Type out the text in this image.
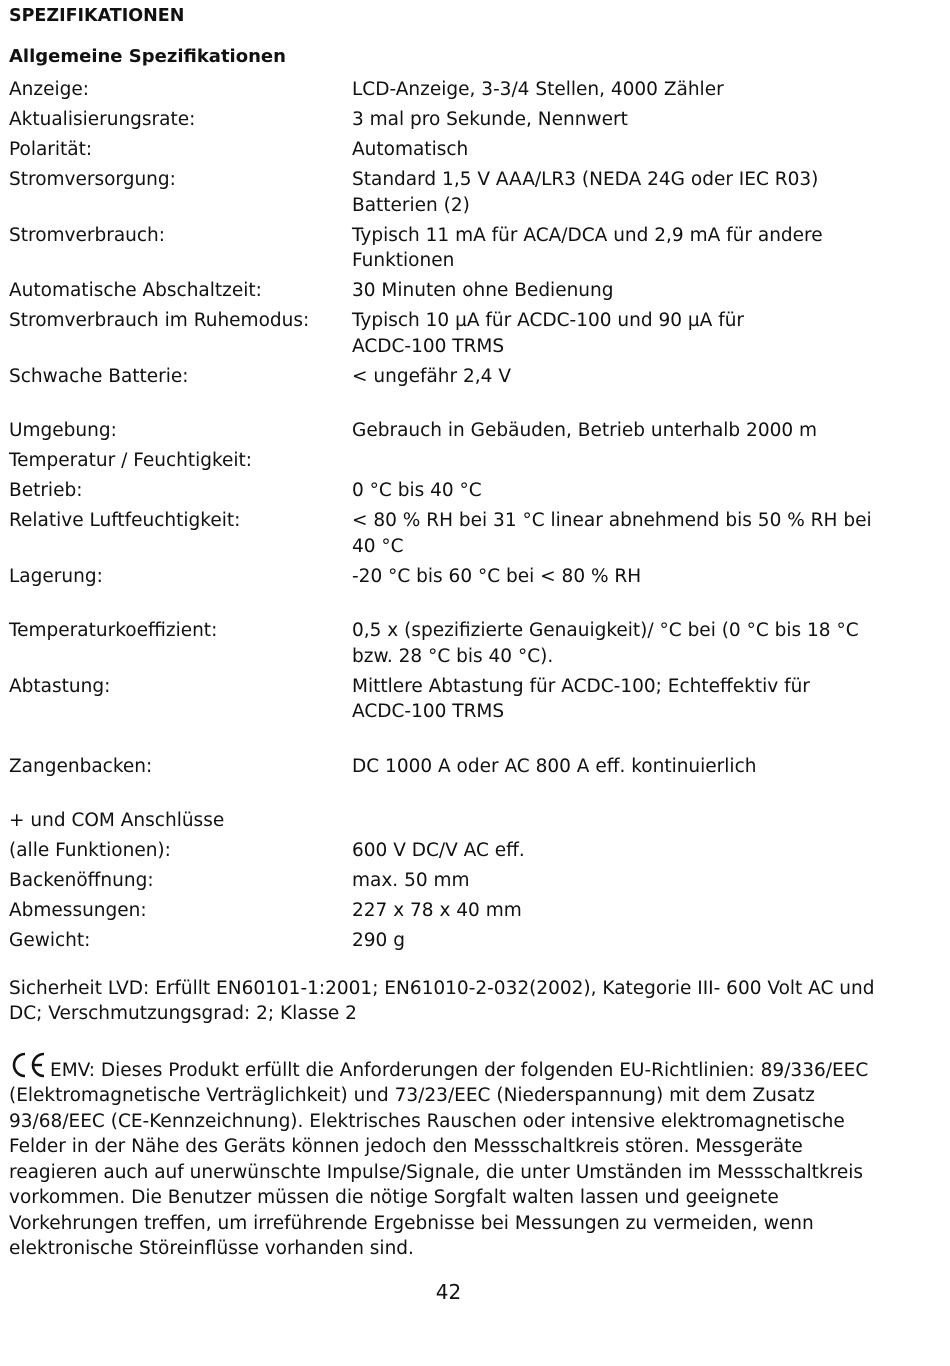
SPEZIFIKATIONEN
Allgemeine Spezifikationen
Anzeige:	LCD-Anzeige, 3-3/4 Stellen, 4000 Zähler
Aktualisierungsrate:	3 mal pro Sekunde, Nennwert
Polarität:	Automatisch
Stromversorgung:	Standard 1,5 V AAA/LR3 (NEDA 24G oder IEC R03)
Batterien (2)
Stromverbrauch:	Typisch 11 mA für ACA/DCA und 2,9 mA für andere
Funktionen
Automatische Abschaltzeit:	30 Minuten ohne Bedienung
Stromverbrauch im Ruhemodus:	Typisch 10 µA für ACDC-100 und 90 µA für
ACDC-100 TRMS
Schwache Batterie:	< ungefähr 2,4 V
Umgebung:	Gebrauch in Gebäuden, Betrieb unterhalb 2000 m
Temperatur / Feuchtigkeit:
Betrieb:	0 °C bis 40 °C
Relative Luftfeuchtigkeit:	< 80 % RH bei 31 °C linear abnehmend bis 50 % RH bei
40 °C
Lagerung:	-20 °C bis 60 °C bei < 80 % RH
Temperaturkoeffizient:	0,5 x (spezifizierte Genauigkeit)/ °C bei (0 °C bis 18 °C
bzw. 28 °C bis 40 °C).
Abtastung:	Mittlere Abtastung für ACDC-100; Echteffektiv für
ACDC-100 TRMS
Zangenbacken:	DC 1000 A oder AC 800 A eff. kontinuierlich
+ und COM Anschlüsse
(alle Funktionen):	600 V DC/V AC eff.
Backenöffnung:	max. 50 mm
Abmessungen:	227 x 78 x 40 mm
Gewicht:	290 g
Sicherheit LVD: Erfüllt EN60101-1:2001; EN61010-2-032(2002), Kategorie III- 600 Volt AC und
DC; Verschmutzungsgrad: 2; Klasse 2
EMV: Dieses Produkt erfüllt die Anforderungen der folgenden EU-Richtlinien: 89/336/EEC
(Elektromagnetische Verträglichkeit) und 73/23/EEC (Niederspannung) mit dem Zusatz
93/68/EEC (CE-Kennzeichnung). Elektrisches Rauschen oder intensive elektromagnetische
Felder in der Nähe des Geräts können jedoch den Messschaltkreis stören. Messgeräte
reagieren auch auf unerwünschte Impulse/Signale, die unter Umständen im Messschaltkreis
vorkommen. Die Benutzer müssen die nötige Sorgfalt walten lassen und geeignete
Vorkehrungen treffen, um irreführende Ergebnisse bei Messungen zu vermeiden, wenn
elektronische Störeinflüsse vorhanden sind.
42
